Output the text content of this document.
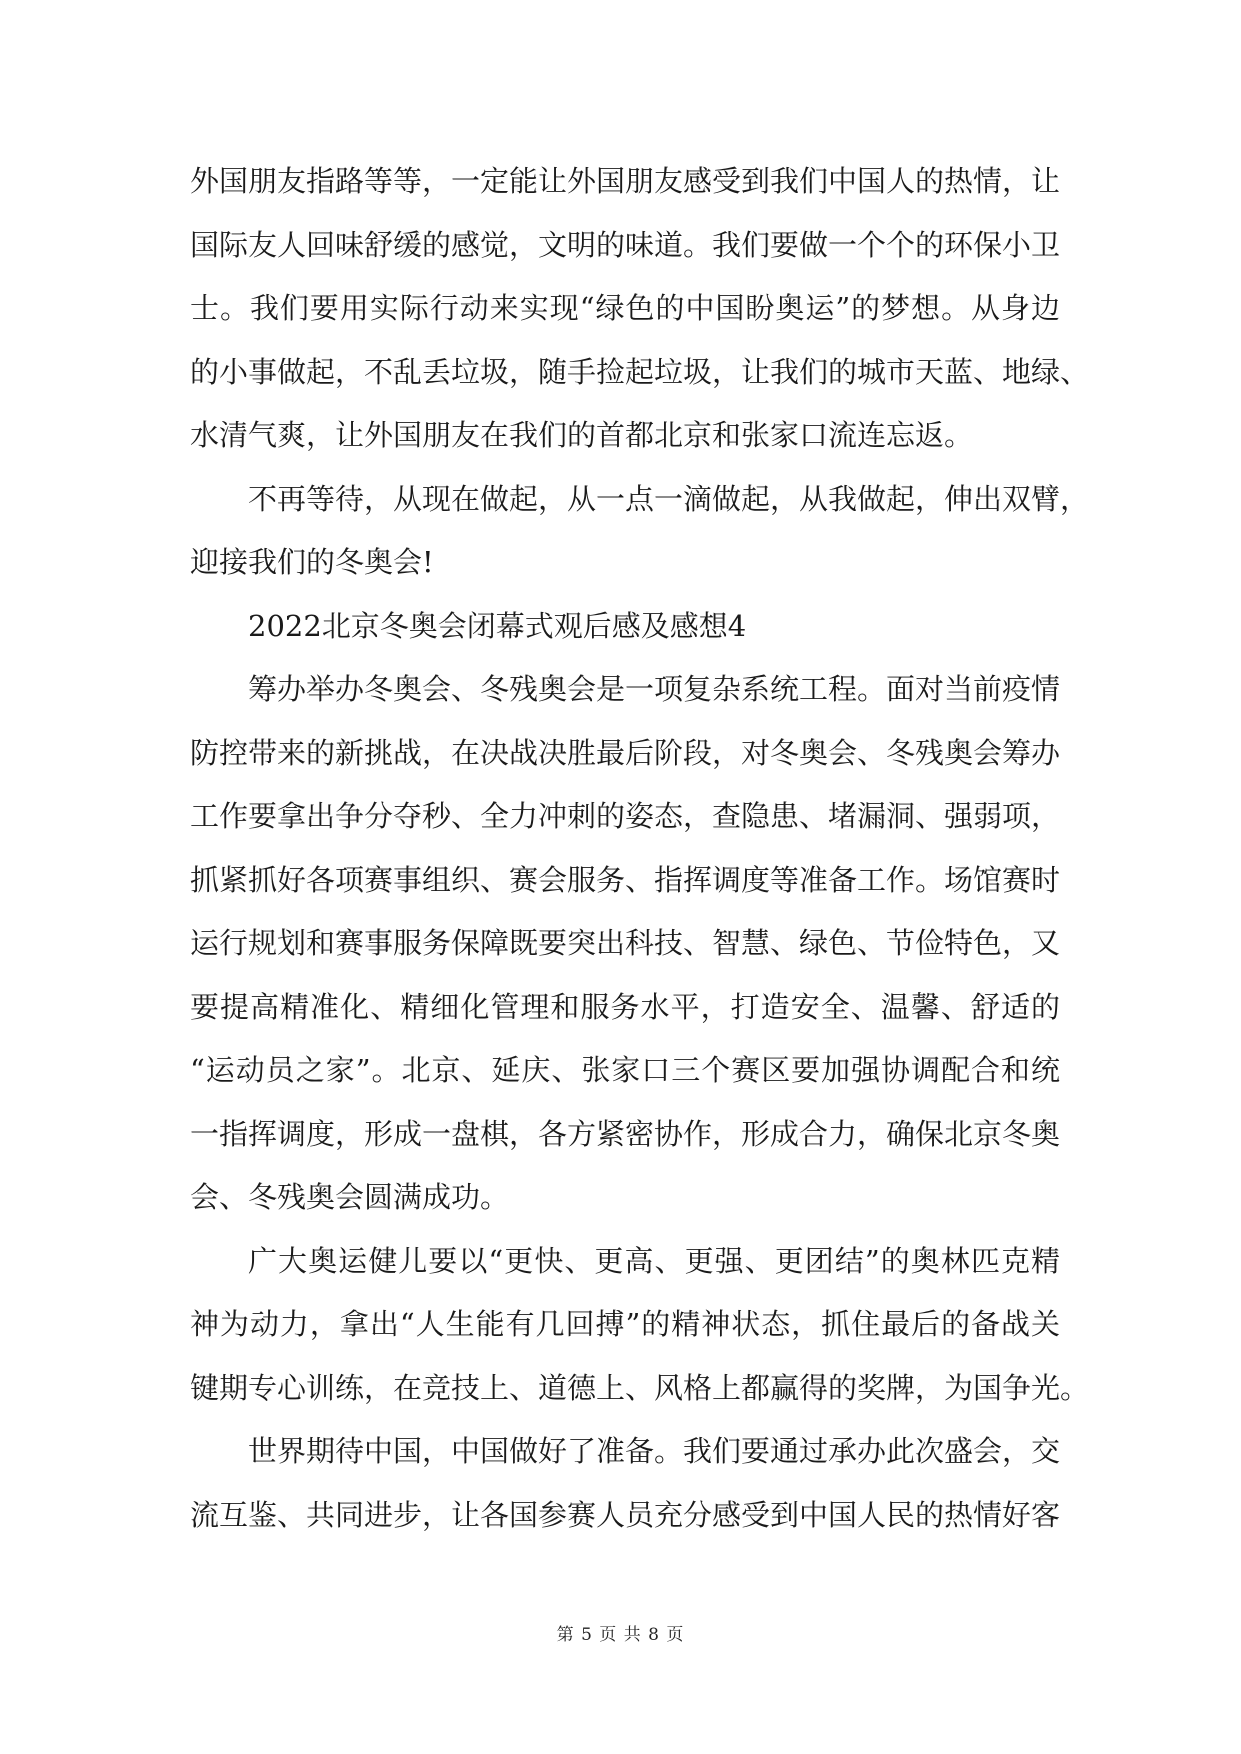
外国朋友指路等等，一定能让外国朋友感受到我们中国人的热情，让
国际友人回味舒缓的感觉，文明的味道。我们要做一个个的环保小卫
士。我们要用实际行动来实现“绿色的中国盼奥运”的梦想。从身边
的小事做起，不乱丢垃圾，随手捡起垃圾，让我们的城市天蓝、地绿、
水清气爽，让外国朋友在我们的首都北京和张家口流连忘返。
不再等待，从现在做起，从一点一滴做起，从我做起，伸出双臂，
迎接我们的冬奥会!
2022北京冬奥会闭幕式观后感及感想4
筹办举办冬奥会、冬残奥会是一项复杂系统工程。面对当前疫情
防控带来的新挑战，在决战决胜最后阶段，对冬奥会、冬残奥会筹办
工作要拿出争分夺秒、全力冲刺的姿态，查隐患、堵漏洞、强弱项，
抓紧抓好各项赛事组织、赛会服务、指挥调度等准备工作。场馆赛时
运行规划和赛事服务保障既要突出科技、智慧、绿色、节俭特色，又
要提高精准化、精细化管理和服务水平，打造安全、温馨、舒适的
“运动员之家”。北京、延庆、张家口三个赛区要加强协调配合和统
一指挥调度，形成一盘棋，各方紧密协作，形成合力，确保北京冬奥
会、冬残奥会圆满成功。
广大奥运健儿要以“更快、更高、更强、更团结”的奥林匹克精
神为动力，拿出“人生能有几回搏”的精神状态，抓住最后的备战关
键期专心训练，在竞技上、道德上、风格上都赢得的奖牌，为国争光。
世界期待中国，中国做好了准备。我们要通过承办此次盛会，交
流互鉴、共同进步，让各国参赛人员充分感受到中国人民的热情好客
第 5 页 共 8 页
